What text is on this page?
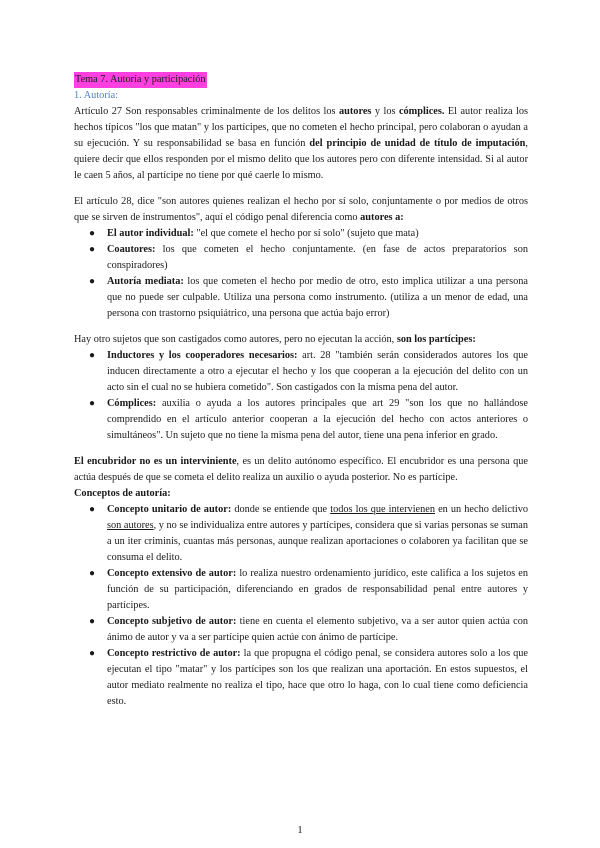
Tema 7. Autoría y participación
1. Autoría:

Artículo 27 Son responsables criminalmente de los delitos los autores y los cómplices. El autor realiza los hechos típicos "los que matan" y los partícipes, que no cometen el hecho principal, pero colaboran o ayudan a su ejecución. Y su responsabilidad se basa en función del principio de unidad de título de imputación, quiere decir que ellos responden por el mismo delito que los autores pero con diferente intensidad. Si al autor le caen 5 años, al partícipe no tiene por qué caerle lo mismo.

El artículo 28, dice "son autores quienes realizan el hecho por sí solo, conjuntamente o por medios de otros que se sirven de instrumentos", aquí el código penal diferencia como autores a:

● El autor individual: "el que comete el hecho por sí solo" (sujeto que mata)
● Coautores: los que cometen el hecho conjuntamente. (en fase de actos preparatorios son conspiradores)
● Autoría mediata: los que cometen el hecho por medio de otro, esto implica utilizar a una persona que no puede ser culpable. Utiliza una persona como instrumento. (utiliza a un menor de edad, una persona con trastorno psiquiátrico, una persona que actúa bajo error)

Hay otro sujetos que son castigados como autores, pero no ejecutan la acción, son los partícipes:

● Inductores y los cooperadores necesarios: art. 28 "también serán considerados autores los que inducen directamente a otro a ejecutar el hecho y los que cooperan a la ejecución del delito con un acto sin el cual no se hubiera cometido". Son castigados con la misma pena del autor.
● Cómplices: auxilia o ayuda a los autores principales que art 29 "son los que no hallándose comprendido en el artículo anterior cooperan a la ejecución del hecho con actos anteriores o simultáneos". Un sujeto que no tiene la misma pena del autor, tiene una pena inferior en grado.

El encubridor no es un interviniente, es un delito autónomo específico. El encubridor es una persona que actúa después de que se cometa el delito realiza un auxilio o ayuda posterior. No es partícipe.

Conceptos de autoría:

● Concepto unitario de autor: donde se entiende que todos los que intervienen en un hecho delictivo son autores, y no se individualiza entre autores y partícipes, considera que si varias personas se suman a un iter criminis, cuantas más personas, aunque realizan aportaciones o colaboren ya facilitan que se consuma el delito.
● Concepto extensivo de autor: lo realiza nuestro ordenamiento jurídico, este califica a los sujetos en función de su participación, diferenciando en grados de responsabilidad penal entre autores y partícipes.
● Concepto subjetivo de autor: tiene en cuenta el elemento subjetivo, va a ser autor quien actúa con ánimo de autor y va a ser partícipe quien actúe con ánimo de partícipe.
● Concepto restrictivo de autor: la que propugna el código penal, se considera autores solo a los que ejecutan el tipo "matar" y los partícipes son los que realizan una aportación. En estos supuestos, el autor mediato realmente no realiza el tipo, hace que otro lo haga, con lo cual tiene como deficiencia esto.
1
